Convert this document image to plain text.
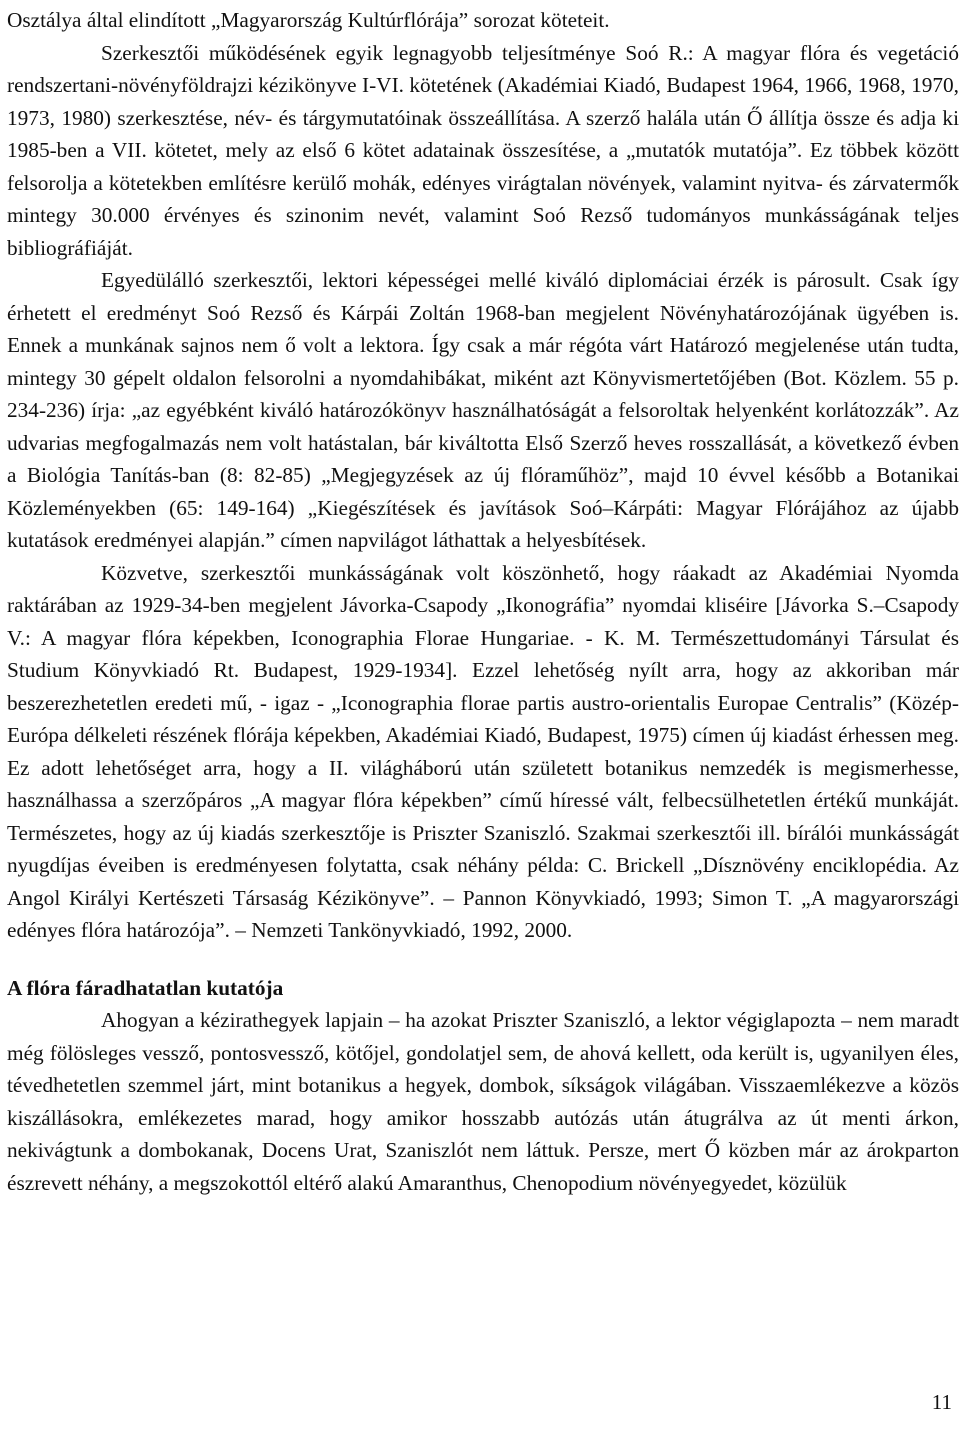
Osztálya által elindított „Magyarország Kultúrflórája” sorozat köteteit.

Szerkesztői működésének egyik legnagyobb teljesítménye Soó R.: A magyar flóra és vegetáció rendszertani-növényföldrajzi kézikönyve I-VI. kötetének (Akadémiai Kiadó, Budapest 1964, 1966, 1968, 1970, 1973, 1980) szerkesztése, név- és tárgymutatóinak összeállítása. A szerző halála után Ő állítja össze és adja ki 1985-ben a VII. kötetet, mely az első 6 kötet adatainak összesítése, a „mutatók mutatója”. Ez többek között felsorolja a kötetekben említésre kerülő mohák, edényes virágtalan növények, valamint nyitva- és zárvatermők mintegy 30.000 érvényes és szinonim nevét, valamint Soó Rezső tudományos munkásságának teljes bibliográfiáját.

Egyedülálló szerkesztői, lektori képességei mellé kiváló diplomáciai érzék is párosult. Csak így érhetett el eredményt Soó Rezső és Kárpái Zoltán 1968-ban megjelent Növényhatározójának ügyében is. Ennek a munkának sajnos nem ő volt a lektora. Így csak a már régóta várt Határozó megjelenése után tudta, mintegy 30 gépelt oldalon felsorolni a nyomdahibákat, miként azt Könyvismertetőjében (Bot. Közlem. 55 p. 234-236) írja: „az egyébként kiváló határozókönyv használhatóságát a felsoroltak helyenként korlátozzák”. Az udvarias megfogalmazás nem volt hatástalan, bár kiváltotta Első Szerző heves rosszallását, a következő évben a Biológia Tanítás-ban (8: 82-85) „Megjegyzések az új flóraműhöz”, majd 10 évvel később a Botanikai Közleményekben (65: 149-164) „Kiegészítések és javítások Soó–Kárpáti: Magyar Flórájához az újabb kutatások eredményei alapján.” címen napvilágot láthattak a helyesbítések.

Közvetve, szerkesztői munkásságának volt köszönhető, hogy ráakadt az Akadémiai Nyomda raktárában az 1929-34-ben megjelent Jávorka-Csapody „Ikonográfia” nyomdai kliséire [Jávorka S.–Csapody V.: A magyar flóra képekben, Iconographia Florae Hungariae. - K. M. Természettudományi Társulat és Studium Könyvkiadó Rt. Budapest, 1929-1934]. Ezzel lehetőség nyílt arra, hogy az akkoriban már beszerezhetetlen eredeti mű, - igaz - „Iconographia florae partis austro-orientalis Europae Centralis” (Közép-Európa délkeleti részének flórája képekben, Akadémiai Kiadó, Budapest, 1975) címen új kiadást érhessen meg. Ez adott lehetőséget arra, hogy a II. világháború után született botanikus nemzedék is megismerhesse, használhassa a szerzőpáros „A magyar flóra képekben” című híressé vált, felbecsülhetetlen értékű munkáját. Természetes, hogy az új kiadás szerkesztője is Priszter Szaniszló. Szakmai szerkesztői ill. bírálói munkásságát nyugdíjas éveiben is eredményesen folytatta, csak néhány példa: C. Brickell „Dísznövény enciklopédia. Az Angol Királyi Kertészeti Társaság Kézikönyve”. – Pannon Könyvkiadó, 1993; Simon T. „A magyarországi edényes flóra határozója”. – Nemzeti Tankönyvkiadó, 1992, 2000.

A flóra fáradhatatlan kutatója

Ahogyan a kézirathegyek lapjain – ha azokat Priszter Szaniszló, a lektor végiglapozta – nem maradt még fölösleges vessző, pontosvessző, kötőjel, gondolatjel sem, de ahová kellett, oda került is, ugyanilyen éles, tévedhetetlen szemmel járt, mint botanikus a hegyek, dombok, síkságok világában. Visszaemlékezve a közös kiszállásokra, emlékezetes marad, hogy amikor hosszabb autózás után átugrálva az út menti árkon, nekivágtunk a dombokanak, Docens Urat, Szaniszlót nem láttuk. Persze, mert Ő közben már az árokparton észrevett néhány, a megszokottól eltérő alakú Amaranthus, Chenopodium növényegyedet, közülük

11
